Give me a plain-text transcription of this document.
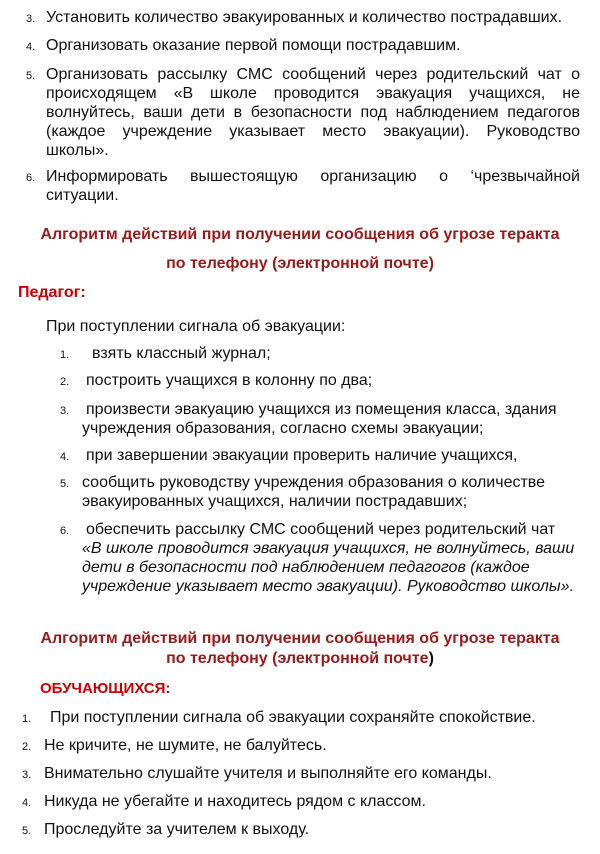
3. Установить количество эвакуированных и количество пострадавших.
4. Организовать оказание первой помощи пострадавшим.
5. Организовать рассылку СМС сообщений через родительский чат о происходящем «В школе проводится эвакуация учащихся, не волнуйтесь, ваши дети в безопасности под наблюдением педагогов (каждое учреждение указывает место эвакуации). Руководство школы».
6. Информировать вышестоящую организацию о ‘чрезвычайной ситуации.
Алгоритм действий при получении сообщения об угрозе теракта
по телефону (электронной почте)
Педагог:
При поступлении сигнала об эвакуации:
1. взять классный журнал;
2. построить учащихся в колонну по два;
3. произвести эвакуацию учащихся из помещения класса, здания учреждения образования, согласно схемы эвакуации;
4. при завершении эвакуации проверить наличие учащихся,
5. сообщить руководству учреждения образования о количестве эвакуированных учащихся, наличии пострадавших;
6. обеспечить рассылку СМС сообщений через родительский чат
«В школе проводится эвакуация учащихся, не волнуйтесь, ваши дети в безопасности под наблюдением педагогов (каждое учреждение указывает место эвакуации). Руководство школы».
Алгоритм действий при получении сообщения об угрозе теракта
по телефону (электронной почте)
ОБУЧАЮЩИХСЯ:
1. При поступлении сигнала об эвакуации сохраняйте спокойствие.
2. Не кричите, не шумите, не балуйтесь.
3. Внимательно слушайте учителя и выполняйте его команды.
4. Никуда не убегайте и находитесь рядом с классом.
5. Проследуйте за учителем к выходу.
